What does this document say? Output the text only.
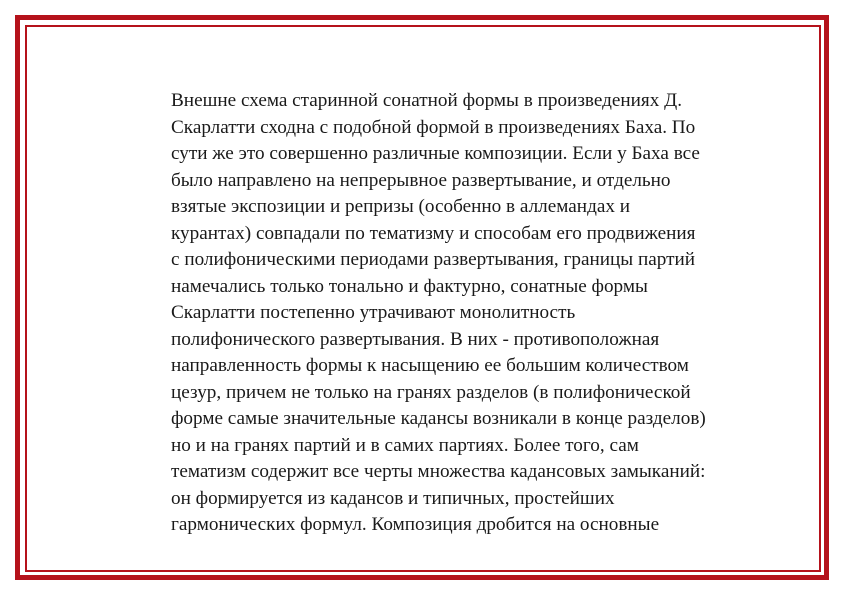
Внешне схема старинной сонатной формы в произведениях Д.
Скарлатти сходна с подобной формой в произведениях Баха. По
сути же это совершенно различные композиции. Если у Баха все
было направлено на непрерывное развертывание, и отдельно
взятые экспозиции и репризы (особенно в аллемандах и
курантах) совпадали по тематизму и способам его продвижения
с полифоническими периодами развертывания, границы партий
намечались только тонально и фактурно, сонатные формы
Скарлатти постепенно утрачивают монолитность
полифонического развертывания. В них - противоположная
направленность формы к насыщению ее большим количеством
цезур, причем не только на гранях разделов (в полифонической
форме самые значительные кадансы возникали в конце разделов)
но и на гранях партий и в самих партиях. Более того, сам
тематизм содержит все черты множества кадансовых замыканий:
он формируется из кадансов и типичных, простейших
гармонических формул. Композиция дробится на основные
